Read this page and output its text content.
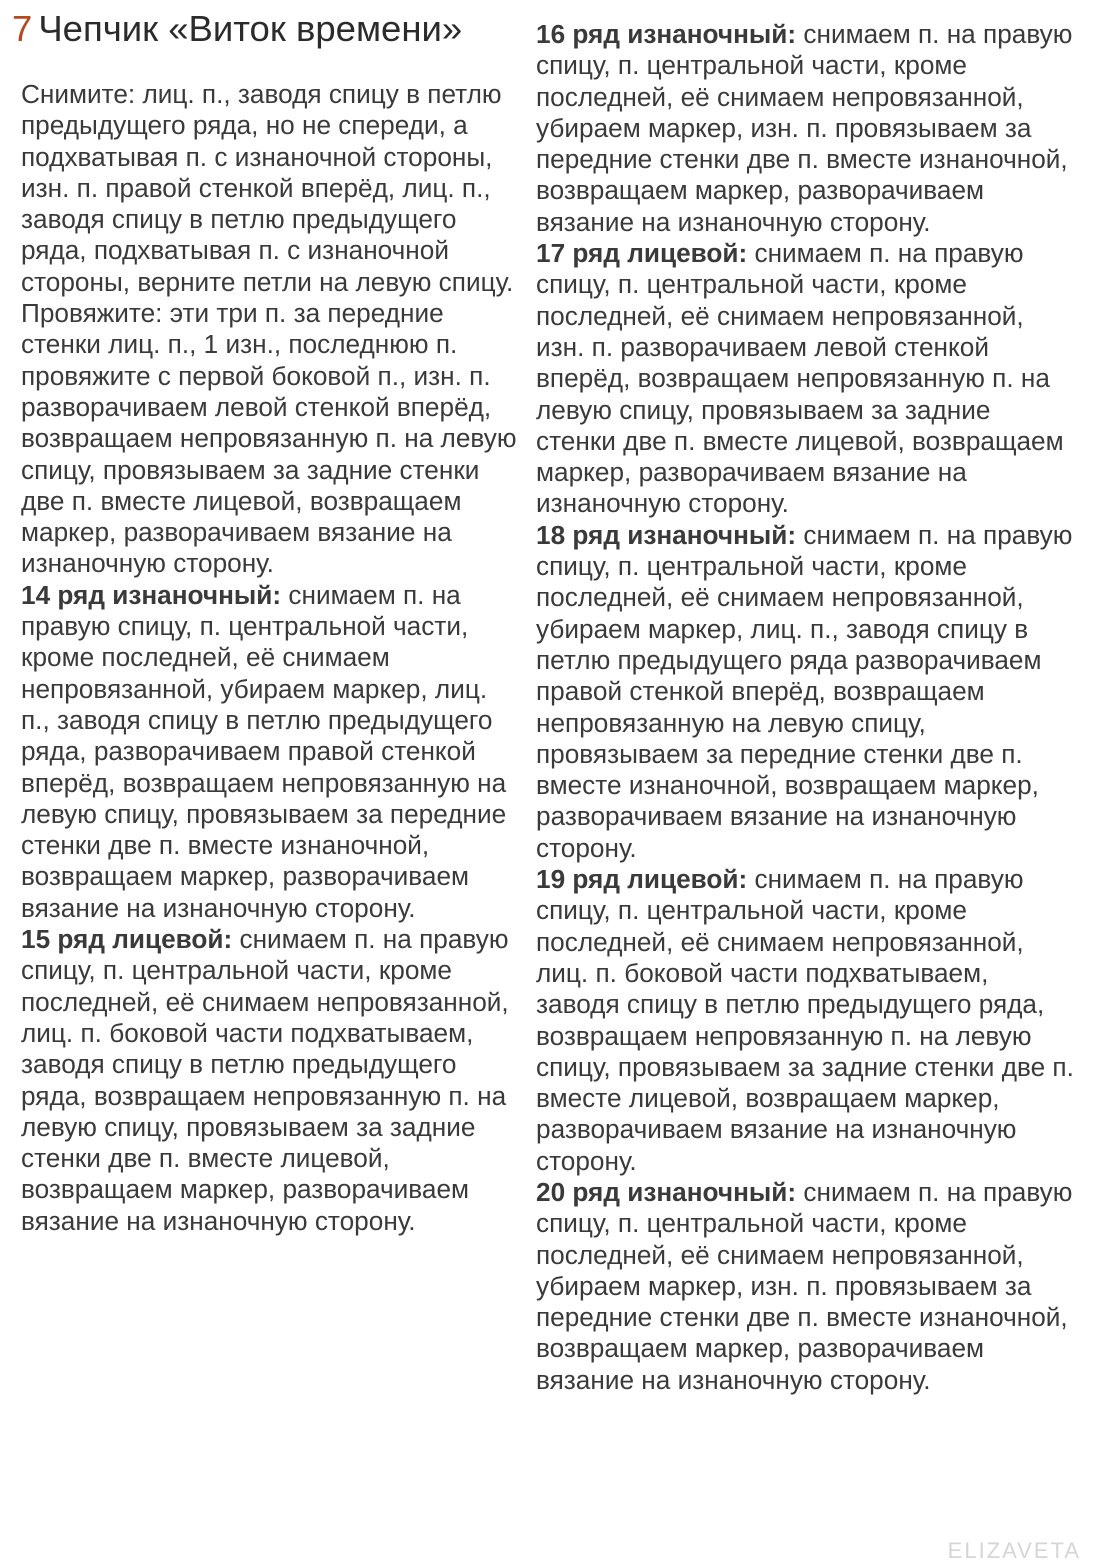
7 Чепчик «Виток времени»

Снимите: лиц. п., заводя спицу в петлю предыдущего ряда, но не спереди, а подхватывая п. с изнаночной стороны, изн. п. правой стенкой вперёд, лиц. п., заводя спицу в петлю предыдущего ряда, подхватывая п. с изнаночной стороны, верните петли на левую спицу.

Провяжите: эти три п. за передние стенки лиц. п., 1 изн., последнюю п. провяжите с первой боковой п., изн. п. разворачиваем левой стенкой вперёд, возвращаем непровязанную п. на левую спицу, провязываем за задние стенки две п. вместе лицевой, возвращаем маркер, разворачиваем вязание на изнаночную сторону.

14 ряд изнаночный: снимаем п. на правую спицу, п. центральной части, кроме последней, её снимаем непровязанной, убираем маркер, лиц. п., заводя спицу в петлю предыдущего ряда, разворачиваем правой стенкой вперёд, возвращаем непровязанную на левую спицу, провязываем за передние стенки две п. вместе изнаночной, возвращаем маркер, разворачиваем вязание на изнаночную сторону.

15 ряд лицевой: снимаем п. на правую спицу, п. центральной части, кроме последней, её снимаем непровязанной, лиц. п. боковой части подхватываем, заводя спицу в петлю предыдущего ряда, возвращаем непровязанную п. на левую спицу, провязываем за задние стенки две п. вместе лицевой, возвращаем маркер, разворачиваем вязание на изнаночную сторону.

16 ряд изнаночный: снимаем п. на правую спицу, п. центральной части, кроме последней, её снимаем непровязанной, убираем маркер, изн. п. провязываем за передние стенки две п. вместе изнаночной, возвращаем маркер, разворачиваем вязание на изнаночную сторону.

17 ряд лицевой: снимаем п. на правую спицу, п. центральной части, кроме последней, её снимаем непровязанной, изн. п. разворачиваем левой стенкой вперёд, возвращаем непровязанную п. на левую спицу, провязываем за задние стенки две п. вместе лицевой, возвращаем маркер, разворачиваем вязание на изнаночную сторону.

18 ряд изнаночный: снимаем п. на правую спицу, п. центральной части, кроме последней, её снимаем непровязанной, убираем маркер, лиц. п., заводя спицу в петлю предыдущего ряда разворачиваем правой стенкой вперёд, возвращаем непровязанную на левую спицу, провязываем за передние стенки две п. вместе изнаночной, возвращаем маркер, разворачиваем вязание на изнаночную сторону.

19 ряд лицевой: снимаем п. на правую спицу, п. центральной части, кроме последней, её снимаем непровязанной, лиц. п. боковой части подхватываем, заводя спицу в петлю предыдущего ряда, возвращаем непровязанную п. на левую спицу, провязываем за задние стенки две п. вместе лицевой, возвращаем маркер, разворачиваем вязание на изнаночную сторону.

20 ряд изнаночный: снимаем п. на правую спицу, п. центральной части, кроме последней, её снимаем непровязанной, убираем маркер, изн. п. провязываем за передние стенки две п. вместе изнаночной, возвращаем маркер, разворачиваем вязание на изнаночную сторону.

ELIZAVETA
